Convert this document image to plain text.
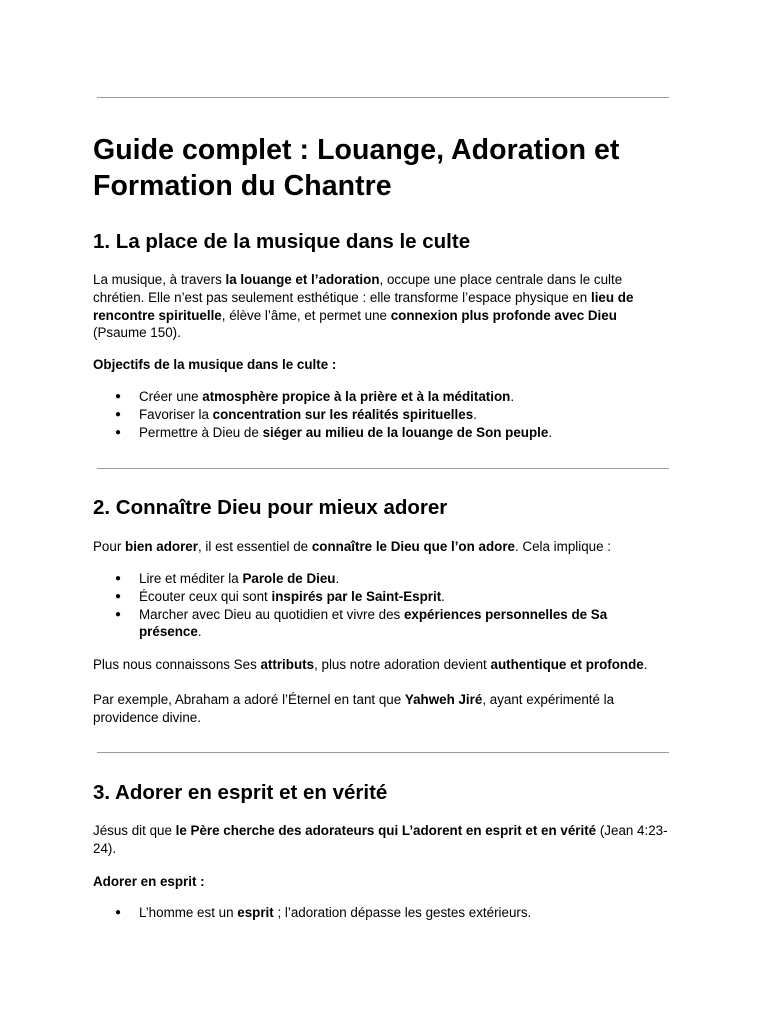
Guide complet : Louange, Adoration et Formation du Chantre
1. La place de la musique dans le culte

La musique, à travers la louange et l’adoration, occupe une place centrale dans le culte chrétien. Elle n’est pas seulement esthétique : elle transforme l’espace physique en lieu de rencontre spirituelle, élève l’âme, et permet une connexion plus profonde avec Dieu (Psaume 150).

Objectifs de la musique dans le culte :

● Créer une atmosphère propice à la prière et à la méditation.
● Favoriser la concentration sur les réalités spirituelles.
● Permettre à Dieu de siéger au milieu de la louange de Son peuple.
2. Connaître Dieu pour mieux adorer

Pour bien adorer, il est essentiel de connaître le Dieu que l’on adore. Cela implique :

● Lire et méditer la Parole de Dieu.
● Écouter ceux qui sont inspirés par le Saint-Esprit.
● Marcher avec Dieu au quotidien et vivre des expériences personnelles de Sa présence.

Plus nous connaissons Ses attributs, plus notre adoration devient authentique et profonde.

Par exemple, Abraham a adoré l’Éternel en tant que Yahweh Jiré, ayant expérimenté la providence divine.

3. Adorer en esprit et en vérité

Jésus dit que le Père cherche des adorateurs qui L’adorent en esprit et en vérité (Jean 4:23-24).

Adorer en esprit :

● L’homme est un esprit ; l’adoration dépasse les gestes extérieurs.
